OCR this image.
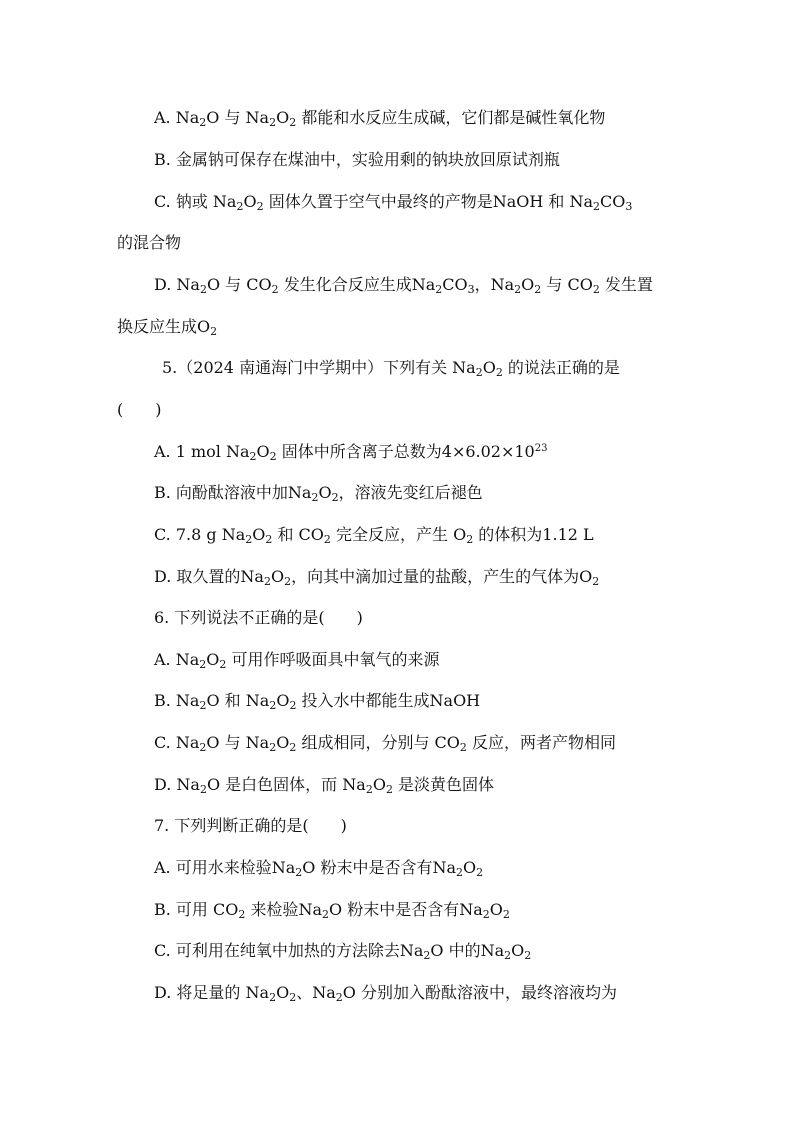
A. $Na_2O$ 与 $Na_2O_2$ 都能和水反应生成碱，它们都是碱性氧化物
B. 金属钠可保存在煤油中，实验用剩的钠块放回原试剂瓶
C. 钠或 $Na_2O_2$ 固体久置于空气中最终的产物是NaOH 和 $Na_2CO_3$
的混合物
D. $Na_2O$ 与 $CO_2$ 发生化合反应生成$Na_2CO_3$，$Na_2O_2$ 与 $CO_2$ 发生置
换反应生成$O_2$
5.（2024 南通海门中学期中）下列有关 $Na_2O_2$ 的说法正确的是
(　　)
A. 1 mol $Na_2O_2$ 固体中所含离子总数为$4\times 6.02\times 10^{23}$
B. 向酚酞溶液中加$Na_2O_2$，溶液先变红后褪色
C. 7.8 g $Na_2O_2$ 和 $CO_2$ 完全反应，产生 $O_2$ 的体积为1.12 L
D. 取久置的$Na_2O_2$，向其中滴加过量的盐酸，产生的气体为$O_2$
6. 下列说法不正确的是(　　)
A. $Na_2O_2$ 可用作呼吸面具中氧气的来源
B. $Na_2O$ 和 $Na_2O_2$ 投入水中都能生成NaOH
C. $Na_2O$ 与 $Na_2O_2$ 组成相同，分别与 $CO_2$ 反应，两者产物相同
D. $Na_2O$ 是白色固体，而 $Na_2O_2$ 是淡黄色固体
7. 下列判断正确的是(　　)
A. 可用水来检验$Na_2O$ 粉末中是否含有$Na_2O_2$
B. 可用 $CO_2$ 来检验$Na_2O$ 粉末中是否含有$Na_2O_2$
C. 可利用在纯氧中加热的方法除去$Na_2O$ 中的$Na_2O_2$
D. 将足量的 $Na_2O_2$、$Na_2O$ 分别加入酚酞溶液中，最终溶液均为
